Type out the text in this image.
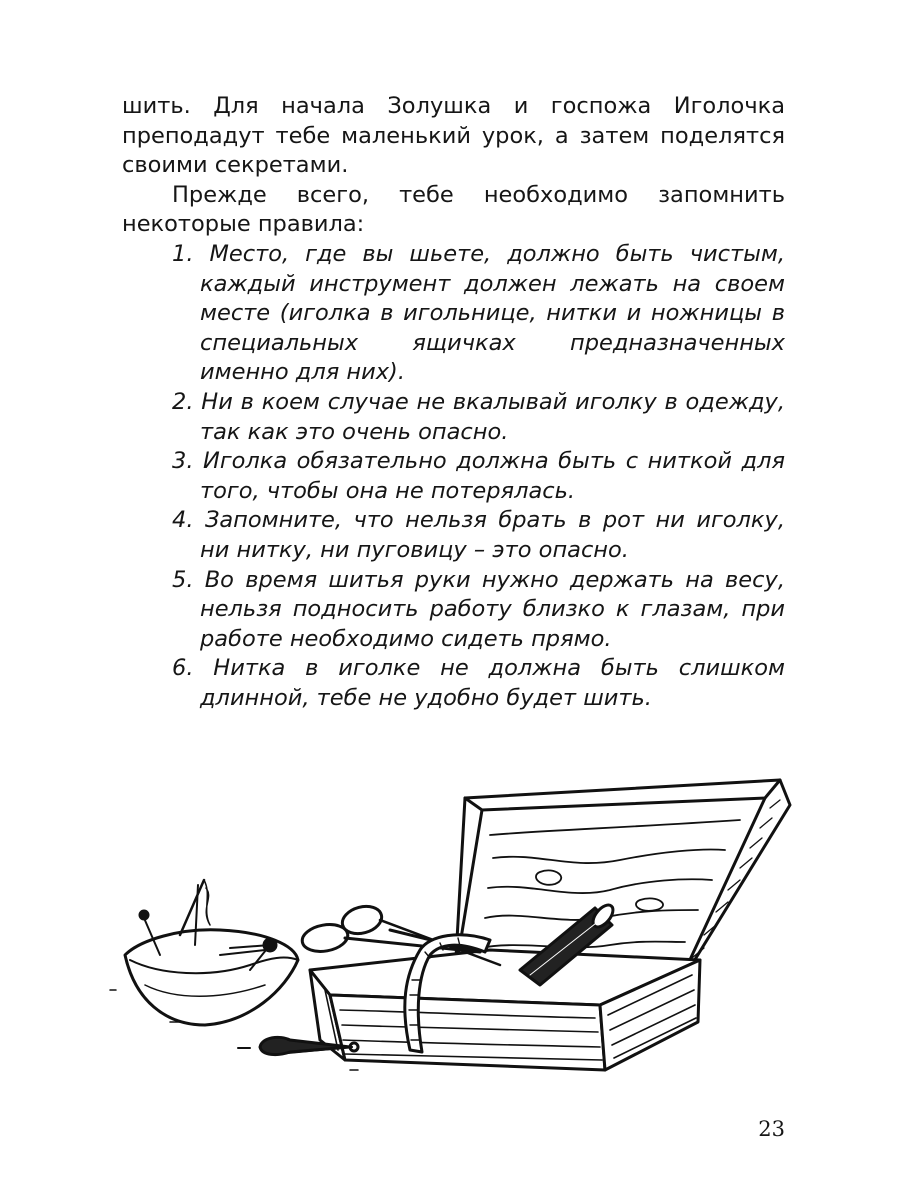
шить. Для начала Золушка и госпожа Иголочка преподадут тебе маленький урок, а затем поделятся своими секретами.

Прежде всего, тебе необходимо запомнить некоторые правила:

1. Место, где вы шьете, должно быть чистым, каждый инструмент должен лежать на своем месте (иголка в игольнице, нитки и ножницы в специальных ящичках предназначенных именно для них).
2. Ни в коем случае не вкалывай иголку в одежду, так как это очень опасно.
3. Иголка обязательно должна быть с ниткой для того, чтобы она не потерялась.
4. Запомните, что нельзя брать в рот ни иголку, ни нитку, ни пуговицу – это опасно.
5. Во время шитья руки нужно держать на весу, нельзя подносить работу близко к глазам, при работе необходимо сидеть прямо.
6. Нитка в иголке не должна быть слишком длинной, тебе не удобно будет шить.
23
